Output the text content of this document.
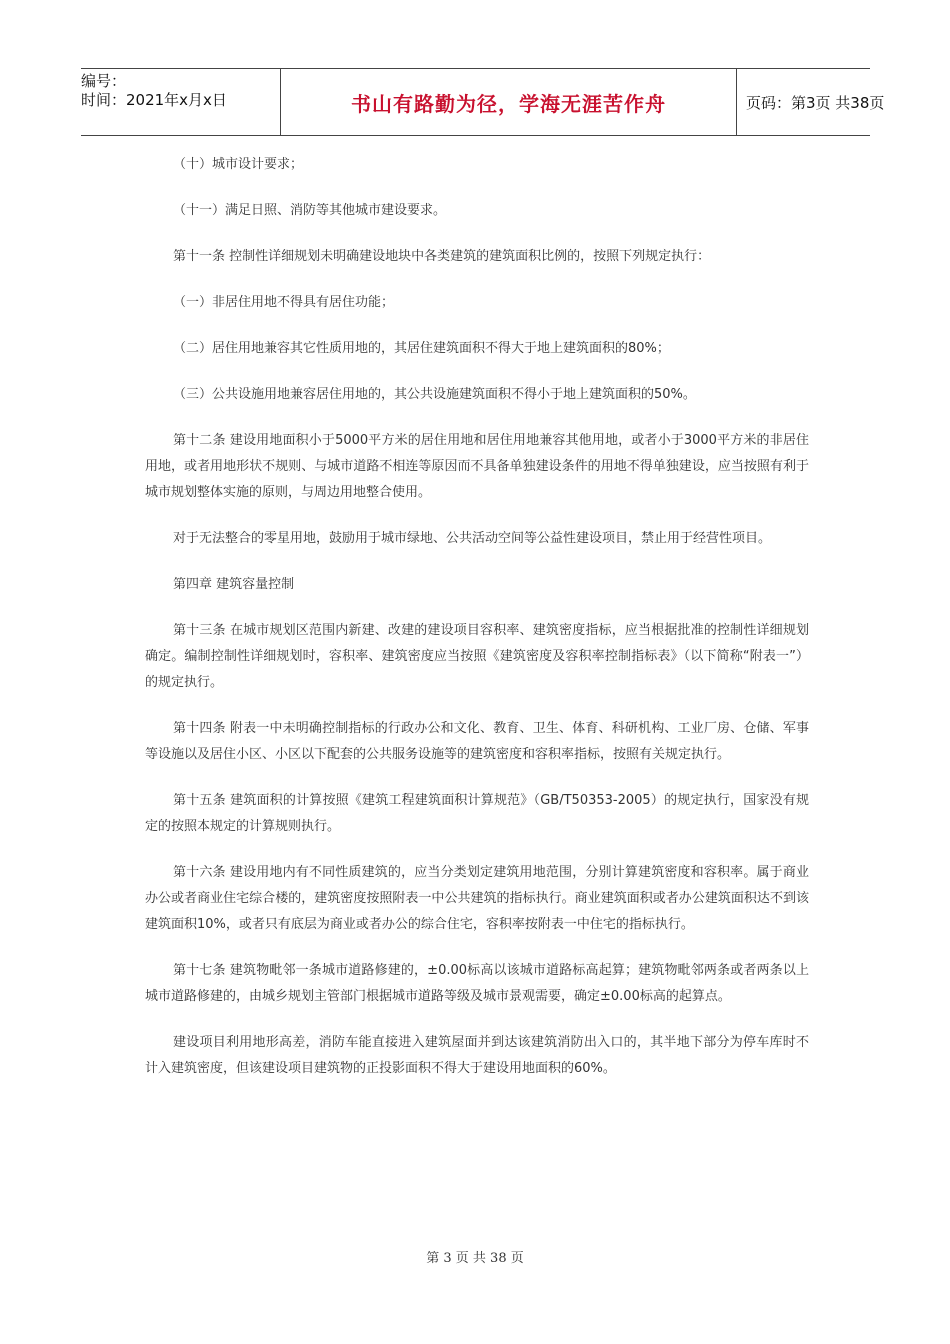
编号：
时间：2021年x月x日	书山有路勤为径，学海无涯苦作舟	页码：第3页 共38页

（十）城市设计要求；

（十一）满足日照、消防等其他城市建设要求。

第十一条 控制性详细规划未明确建设地块中各类建筑的建筑面积比例的，按照下列规定执行：

（一）非居住用地不得具有居住功能；

（二）居住用地兼容其它性质用地的，其居住建筑面积不得大于地上建筑面积的80%；

（三）公共设施用地兼容居住用地的，其公共设施建筑面积不得小于地上建筑面积的50%。

第十二条 建设用地面积小于5000平方米的居住用地和居住用地兼容其他用地，或者小于3000平方米的非居住用地，或者用地形状不规则、与城市道路不相连等原因而不具备单独建设条件的用地不得单独建设，应当按照有利于城市规划整体实施的原则，与周边用地整合使用。

对于无法整合的零星用地，鼓励用于城市绿地、公共活动空间等公益性建设项目，禁止用于经营性项目。

第四章 建筑容量控制

第十三条 在城市规划区范围内新建、改建的建设项目容积率、建筑密度指标，应当根据批准的控制性详细规划确定。编制控制性详细规划时，容积率、建筑密度应当按照《建筑密度及容积率控制指标表》（以下简称“附表一”）的规定执行。

第十四条 附表一中未明确控制指标的行政办公和文化、教育、卫生、体育、科研机构、工业厂房、仓储、军事等设施以及居住小区、小区以下配套的公共服务设施等的建筑密度和容积率指标，按照有关规定执行。

第十五条 建筑面积的计算按照《建筑工程建筑面积计算规范》（GB/T50353-2005）的规定执行，国家没有规定的按照本规定的计算规则执行。

第十六条 建设用地内有不同性质建筑的，应当分类划定建筑用地范围，分别计算建筑密度和容积率。属于商业办公或者商业住宅综合楼的，建筑密度按照附表一中公共建筑的指标执行。商业建筑面积或者办公建筑面积达不到该建筑面积10%，或者只有底层为商业或者办公的综合住宅，容积率按附表一中住宅的指标执行。

第十七条 建筑物毗邻一条城市道路修建的，±0.00标高以该城市道路标高起算；建筑物毗邻两条或者两条以上城市道路修建的，由城乡规划主管部门根据城市道路等级及城市景观需要，确定±0.00标高的起算点。

建设项目利用地形高差，消防车能直接进入建筑屋面并到达该建筑消防出入口的，其半地下部分为停车库时不计入建筑密度，但该建设项目建筑物的正投影面积不得大于建设用地面积的60%。

第 3 页 共 38 页
